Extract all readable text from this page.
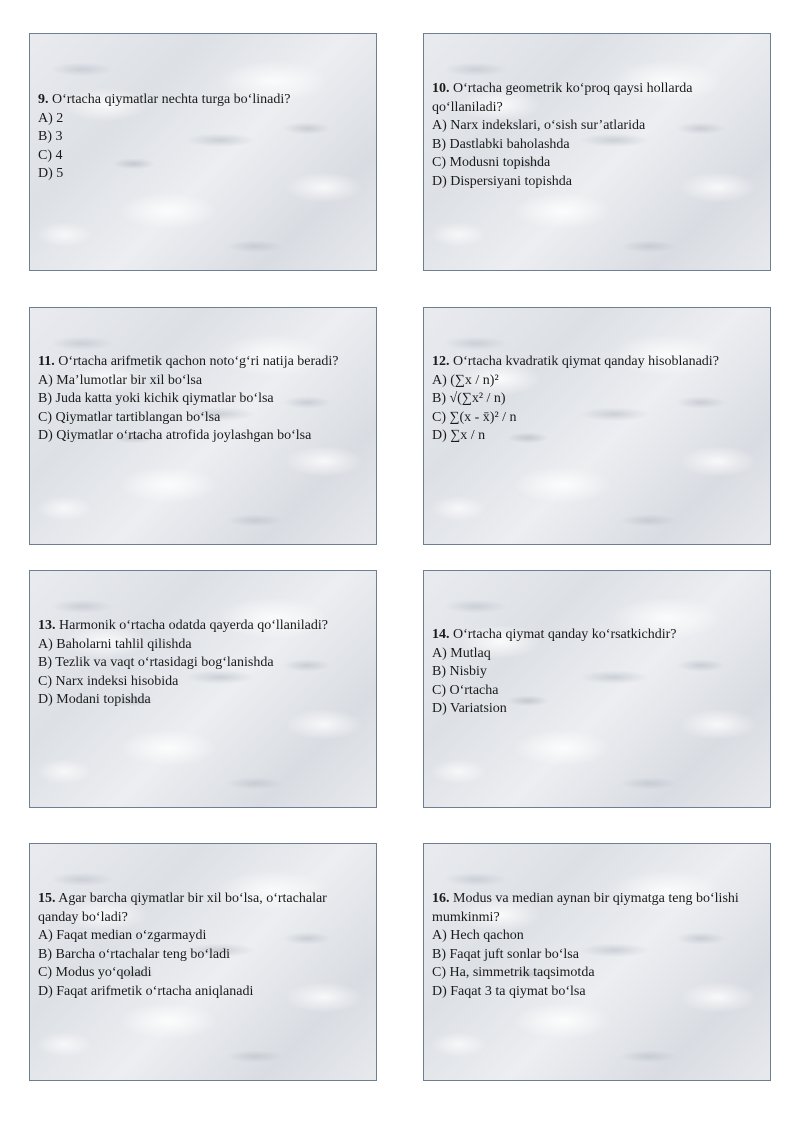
9. O‘rtacha qiymatlar nechta turga bo‘linadi?
A) 2
B) 3
C) 4
D) 5
10. O‘rtacha geometrik ko‘proq qaysi hollarda qo‘llaniladi?
A) Narx indekslari, o‘sish sur’atlarida
B) Dastlabki baholashda
C) Modusni topishda
D) Dispersiyani topishda
11. O‘rtacha arifmetik qachon noto‘g‘ri natija beradi?
A) Ma’lumotlar bir xil bo‘lsa
B) Juda katta yoki kichik qiymatlar bo‘lsa
C) Qiymatlar tartiblangan bo‘lsa
D) Qiymatlar o‘rtacha atrofida joylashgan bo‘lsa
12. O‘rtacha kvadratik qiymat qanday hisoblanadi?
A) (∑x / n)²
B) √(∑x² / n)
C) ∑(x - x̄)² / n
D) ∑x / n
13. Harmonik o‘rtacha odatda qayerda qo‘llaniladi?
A) Baholarni tahlil qilishda
B) Tezlik va vaqt o‘rtasidagi bog‘lanishda
C) Narx indeksi hisobida
D) Modani topishda
14. O‘rtacha qiymat qanday ko‘rsatkichdir?
A) Mutlaq
B) Nisbiy
C) O‘rtacha
D) Variatsion
15. Agar barcha qiymatlar bir xil bo‘lsa, o‘rtachalar qanday bo‘ladi?
A) Faqat median o‘zgarmaydi
B) Barcha o‘rtachalar teng bo‘ladi
C) Modus yo‘qoladi
D) Faqat arifmetik o‘rtacha aniqlanadi
16. Modus va median aynan bir qiymatga teng bo‘lishi mumkinmi?
A) Hech qachon
B) Faqat juft sonlar bo‘lsa
C) Ha, simmetrik taqsimotda
D) Faqat 3 ta qiymat bo‘lsa
